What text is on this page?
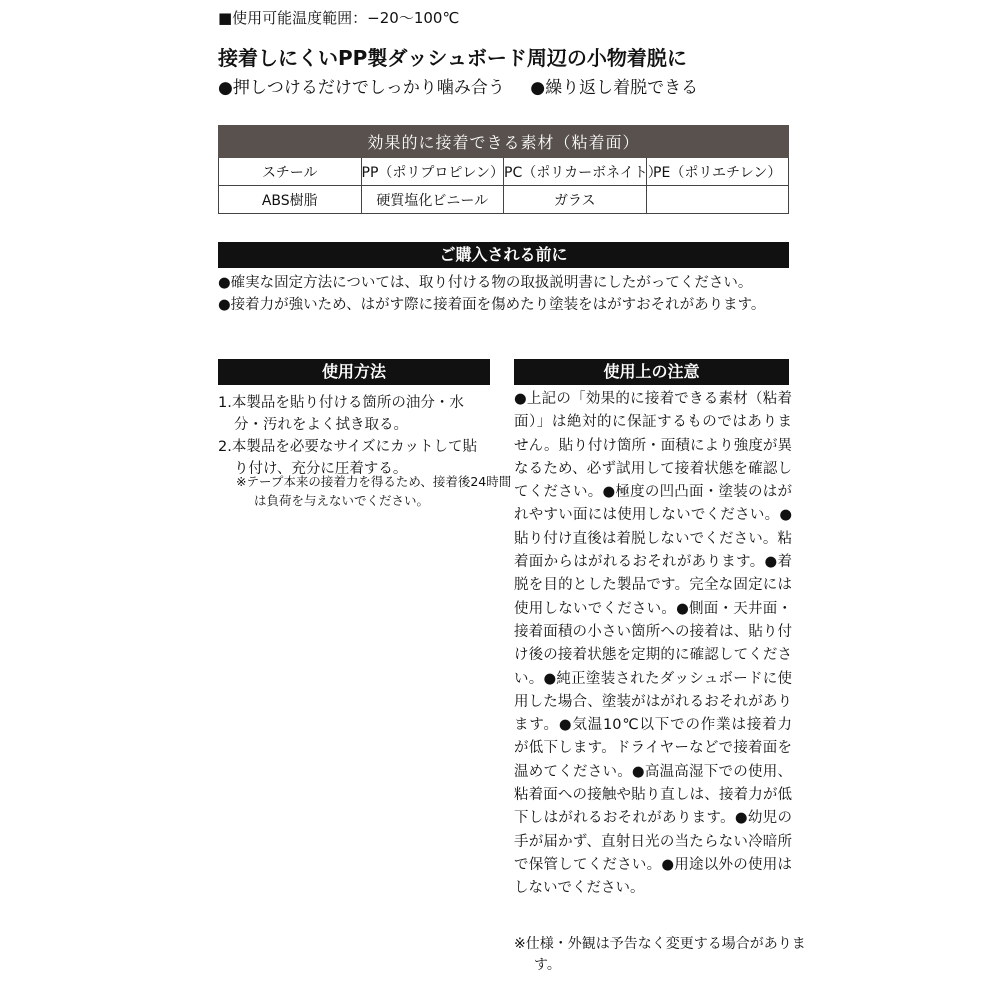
■使用可能温度範囲：−20〜100℃
接着しにくいPP製ダッシュボード周辺の小物着脱に
●押しつけるだけでしっかり噛み合う ●繰り返し着脱できる
効果的に接着できる素材（粘着面）			
スチール	PP（ポリプロピレン）	PC（ポリカーボネイト）	PE（ポリエチレン）
ABS樹脂	硬質塩化ビニール	ガラス	
ご購入される前に
●確実な固定方法については、取り付ける物の取扱説明書にしたがってください。
●接着力が強いため、はがす際に接着面を傷めたり塗装をはがすおそれがあります。
使用方法
1.本製品を貼り付ける箇所の油分・水分・汚れをよく拭き取る。
2.本製品を必要なサイズにカットして貼り付け、充分に圧着する。
※テープ本来の接着力を得るため、接着後24時間は負荷を与えないでください。
使用上の注意
●上記の「効果的に接着できる素材（粘着面）」は絶対的に保証するものではありません。貼り付け箇所・面積により強度が異なるため、必ず試用して接着状態を確認してください。●極度の凹凸面・塗装のはがれやすい面には使用しないでください。●貼り付け直後は着脱しないでください。粘着面からはがれるおそれがあります。●着脱を目的とした製品です。完全な固定には使用しないでください。●側面・天井面・接着面積の小さい箇所への接着は、貼り付け後の接着状態を定期的に確認してください。●純正塗装されたダッシュボードに使用した場合、塗装がはがれるおそれがあります。●気温10℃以下での作業は接着力が低下します。ドライヤーなどで接着面を温めてください。●高温高湿下での使用、粘着面への接触や貼り直しは、接着力が低下しはがれるおそれがあります。●幼児の手が届かず、直射日光の当たらない冷暗所で保管してください。●用途以外の使用はしないでください。
※仕様・外観は予告なく変更する場合があります。
